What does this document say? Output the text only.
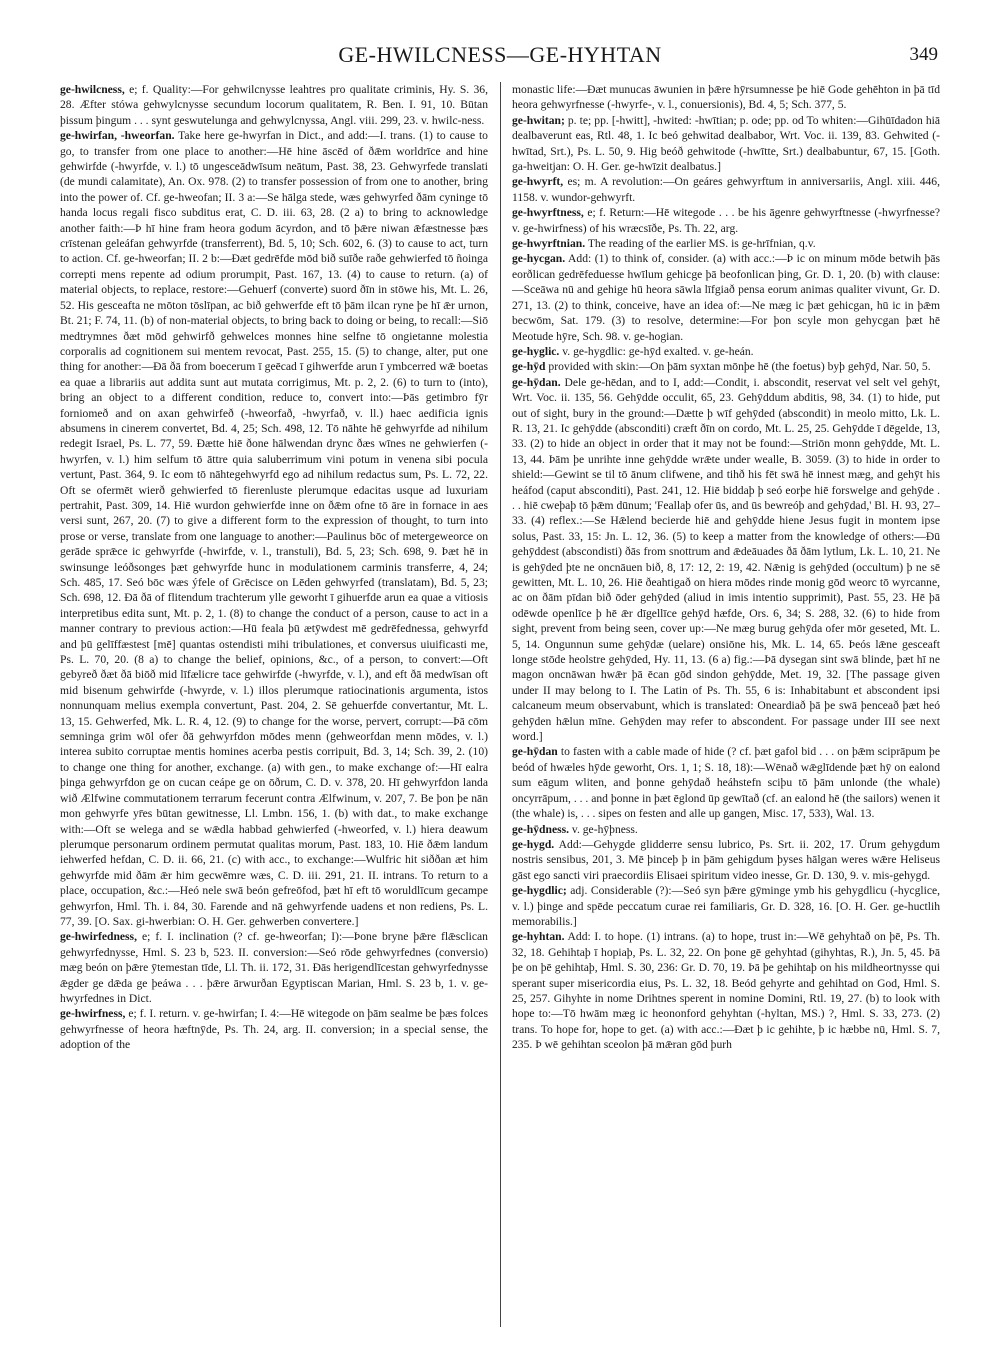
GE-HWILCNESS—GE-HYHTAN	349

ge-hwilcness, e; f. Quality:—For gehwilcnysse leahtres pro qualitate criminis, Hy. S. 36, 28. Æfter stówa gehwylcnysse secundum locorum qualitatem, R. Ben. I. 91, 10. Būtan þissum þingum . . . synt geswutelunga and gehwylcnyssa, Angl. viii. 299, 23. v. hwilc-ness.

ge-hwirfan, -hweorfan. Take here ge-hwyrfan in Dict., and add:—I. trans. (1) to cause to go, to transfer from one place to another:—Hē hine āscēd of ðǣm worldrīce and hine gehwirfde (-hwyrfde, v. l.) tō ungesceādwīsum neātum, Past. 38, 23. Gehwyrfede translati (de mundi calamitate), An. Ox. 978. (2) to transfer possession of from one to another, bring into the power of. Cf. ge-hweofan; II. 3 a:—Se hālga stede, wæs gehwyrfed ðām cyninge tō handa locus regali fisco subditus erat, C. D. iii. 63, 28. (2 a) to bring to acknowledge another faith:—Þ hī hine fram heora godum ācyrdon, and tō þǣre niwan ǣfæstnesse þæs crīstenan geleáfan gehwyrfde (transferrent), Bd. 5, 10; Sch. 602, 6. (3) to cause to act, turn to action. Cf. ge-hweorfan; II. 2 b:—Ðæt gedrēfde mōd bið suīðe raðe gehwierfed tō ñoinga correpti mens repente ad odium prorumpit, Past. 167, 13. (4) to cause to return. (a) of material objects, to replace, restore:—Gehuerf (converte) suord ðīn in stōwe his, Mt. L. 26, 52. His gesceafta ne mōton tōslīpan, ac bið gehwerfde eft tō þām ilcan ryne þe hī ǣr urnon, Bt. 21; F. 74, 11. (b) of non-material objects, to bring back to doing or being, to recall:—Siō medtrymnes ðæt mōd gehwirfð gehwelces monnes hine selfne tō ongietanne molestia corporalis ad cognitionem sui mentem revocat, Past. 255, 15. (5) to change, alter, put one thing for another:—Ðā ðā from boecerum ī geēcad ī gihwerfde arun ī ymbcerred wǣ boetas ea quae a librariis aut addita sunt aut mutata corrigimus, Mt. p. 2, 2. (6) to turn to (into), bring an object to a different condition, reduce to, convert into:—Þās getimbro fȳr forniomeð and on axan gehwirfeð (-hweorfað, -hwyrfað, v. ll.) haec aedificia ignis absumens in cinerem convertet, Bd. 4, 25; Sch. 498, 12. Tō nāhte hē gehwyrfde ad nihilum redegit Israel, Ps. L. 77, 59. Ðætte hiē ðone hālwendan drync ðæs wīnes ne gehwierfen (-hwyrfen, v. l.) him selfum tō āttre quia saluberrimum vini potum in venena sibi pocula vertunt, Past. 364, 9. Ic eom tō nāhtegehwyrfd ego ad nihilum redactus sum, Ps. L. 72, 22. Oft se ofermēt wierð gehwierfed tō fierenluste plerumque edacitas usque ad luxuriam pertrahit, Past. 309, 14. Hiē wurdon gehwierfde inne on ðǣm ofne tō āre in fornace in aes versi sunt, 267, 20. (7) to give a different form to the expression of thought, to turn into prose or verse, translate from one language to another:—Paulinus bōc of metergeweorce on gerāde sprǣce ic gehwyrfde (-hwirfde, v. l., transtuli), Bd. 5, 23; Sch. 698, 9. Þæt hē in swinsunge leóðsonges þæt gehwyrfde hunc in modulationem carminis transferre, 4, 24; Sch. 485, 17. Seó bōc wæs ýfele of Grēcisce on Lēden gehwyrfed (translatam), Bd. 5, 23; Sch. 698, 12. Ðā ðā of flitendum trachterum ylle geworht ī gihuerfde arun ea quae a vitiosis interpretibus edita sunt, Mt. p. 2, 1. (8) to change the conduct of a person, cause to act in a manner contrary to previous action:—Hū feala þū ætȳwdest mē gedrēfednessa, gehwyrfd and þū gelīffæstest [mē] quantas ostendisti mihi tribulationes, et conversus uiuificasti me, Ps. L. 70, 20. (8 a) to change the belief, opinions, &c., of a person, to convert:—Oft gebyreð ðæt ðā biōð mid līfælicre tace gehwirfde (-hwyrfde, v. l.), and eft ðā medwīsan oft mid bisenum gehwirfde (-hwyrde, v. l.) illos plerumque ratiocinationis argumenta, istos nonnunquam melius exempla convertunt, Past. 204, 2. Sē gehuerfde convertantur, Mt. L. 13, 15. Gehwerfed, Mk. L. R. 4, 12. (9) to change for the worse, pervert, corrupt:—Þā cōm semninga grim wōl ofer ðā gehwyrfdon mōdes menn (gehweorfdan menn mōdes, v. l.) interea subito corruptae mentis homines acerba pestis corripuit, Bd. 3, 14; Sch. 39, 2. (10) to change one thing for another, exchange. (a) with gen., to make exchange of:—Hī ealra þinga gehwyrfdon ge on cucan ceápe ge on ōðrum, C. D. v. 378, 20. Hī gehwyrfdon landa wið Ælfwine commutationem terrarum fecerunt contra Ælfwinum, v. 207, 7. Be þon þe nān mon gehwyrfe yr̄es būtan gewitnesse, Ll. Lmbn. 156, 1. (b) with dat., to make exchange with:—Oft se welega and se wǣdla habbad gehwierfed (-hweorfed, v. l.) hiera deawum plerumque personarum ordinem permutat qualitas morum, Past. 183, 10. Hiē ðǣm landum iehwerfed hefdan, C. D. ii. 66, 21. (c) with acc., to exchange:—Wulfric hit siððan æt him gehwyrfde mid ðām ǣr him gecwēmre wæs, C. D. iii. 291, 21. II. intrans. To return to a place, occupation, &c.:—Heó nele swā beón gefreōfod, þæt hī eft tō woruldlīcum gecampe gehwyrfon, Hml. Th. i. 84, 30. Farende and nā gehwyrfende uadens et non rediens, Ps. L. 77, 39. [O. Sax. gi-hwerbian: O. H. Ger. gehwerben convertere.]

ge-hwirfedness, e; f. I. inclination (? cf. ge-hweorfan; I):—Þone bryne þǣre flǣsclican gehwyrfednysse, Hml. S. 23 b, 523. II. conversion:—Seó rōde gehwyrfednes (conversio) mæg beón on þǣre ȳtemestan tīde, Ll. Th. ii. 172, 31. Ðās herigendlīcestan gehwyrfednysse ǣgder ge dǣda ge þeáwa . . . þǣre ārwurðan Egyptiscan Marian, Hml. S. 23 b, 1. v. ge-hwyrfednes in Dict.

ge-hwirfness, e; f. I. return. v. ge-hwirfan; I. 4:—Hē witegode on þām sealme be þæs folces gehwyrfnesse of heora hæftnȳde, Ps. Th. 24, arg. II. conversion; in a special sense, the adoption of the

monastic life:—Ðæt munucas āwunien in þǣre hȳrsumnesse þe hiē Gode gehēhton in þā tīd heora gehwyrfnesse (-hwyrfe-, v. l., conuersionis), Bd. 4, 5; Sch. 377, 5.

ge-hwitan; p. te; pp. [-hwitt], -hwited: -hwītian; p. ode; pp. od To whiten:—Gihūīdadon hiā dealbaverunt eas, Rtl. 48, 1. Ic beó gehwitad dealbabor, Wrt. Voc. ii. 139, 83. Gehwited (-hwītad, Srt.), Ps. L. 50, 9. Hig beóð gehwitode (-hwītte, Srt.) dealbabuntur, 67, 15. [Goth. ga-hweitjan: O. H. Ger. ge-hwīzit dealbatus.]

ge-hwyrft, es; m. A revolution:—On geáres gehwyrftum in anniversariis, Angl. xiii. 446, 1158. v. wundor-gehwyrft.

ge-hwyrftness, e; f. Return:—Hē witegode . . . be his āgenre gehwyrftnesse (-hwyrfnesse? v. ge-hwirfness) of his wræcsīðe, Ps. Th. 22, arg.

ge-hwyrftnian. The reading of the earlier MS. is ge-hrīfnian, q.v.

ge-hycgan. Add: (1) to think of, consider. (a) with acc.:—Þ ic on minum mōde betwih þās eorðlican gedrēfeduesse hwīlum gehicge þā beofonlican þing, Gr. D. 1, 20. (b) with clause:—Sceāwa nū and gehige hū heora sāwla līfgiað pensa eorum animas qualiter vivunt, Gr. D. 271, 13. (2) to think, conceive, have an idea of:—Ne mæg ic þæt gehicgan, hū ic in þǣm becwōm, Sat. 179. (3) to resolve, determine:—For þon scyle mon gehycgan þæt hē Meotude hȳre, Sch. 98. v. ge-hogian.

ge-hyglic. v. ge-hygdlic: ge-hȳd exalted. v. ge-heán.

ge-hȳd provided with skin:—On þām syxtan mōnþe hē (the foetus) byþ gehȳd, Nar. 50, 5.

ge-hȳdan. Dele ge-hēdan, and to I, add:—Condit, i. abscondit, reservat vel selt vel gehȳt, Wrt. Voc. ii. 135, 56. Gehȳdde occulit, 65, 23. Gehȳddum abditis, 98, 34. (1) to hide, put out of sight, bury in the ground:—Dætte þ wīf gehȳded (abscondit) in meolo mitto, Lk. L. R. 13, 21. Ic gehȳdde (absconditi) cræft ðīn on cordo, Mt. L. 25, 25. Gehȳdde ī dēgelde, 13, 33. (2) to hide an object in order that it may not be found:—Striōn monn gehȳdde, Mt. L. 13, 44. Þām þe unrihte inne gehȳdde wrǣte under wealle, B. 3059. (3) to hide in order to shield:—Gewint se til tō ānum clifwene, and tihð his fēt swā hē innest mæg, and gehȳt his heáfod (caput absconditi), Past. 241, 12. Hiē biddaþ þ seó eorþe hiē forswelge and gehȳde . . . hiē cweþaþ tō þǣm dūnum; 'Feallaþ ofer ūs, and ūs bewreóþ and gehȳdad,' Bl. H. 93, 27–33. (4) reflex.:—Se Hǣlend becierde hiē and gehȳdde hiene Jesus fugit in montem ipse solus, Past. 33, 15: Jn. L. 12, 36. (5) to keep a matter from the knowledge of others:—Ðū gehȳddest (abscondisti) ðās from snottrum and ǣdeāuades ðā ðām lytlum, Lk. L. 10, 21. Ne is gehȳded þte ne oncnāuen bið, 8, 17: 12, 2: 19, 42. Nǣnig is gehȳded (occultum) þ ne sē gewitten, Mt. L. 10, 26. Hiē ðeahtigað on hiera mōdes rinde monig gōd weorc tō wyrcanne, ac on ðām pīdan bið ōder gehȳded (aliud in imis intentio supprimit), Past. 55, 23. Hē þā odēwde openlīce þ hē ǣr dīgellīce gehȳd hæfde, Ors. 6, 34; S. 288, 32. (6) to hide from sight, prevent from being seen, cover up:—Ne mæg burug gehȳda ofer mōr geseted, Mt. L. 5, 14. Ongunnun sume gehȳdæ (uelare) onsiōne his, Mk. L. 14, 65. Þeós lǣne gesceaft longe stōde heolstre gehȳded, Hy. 11, 13. (6 a) fig.:—Þā dysegan sint swā blinde, þæt hī ne magon oncnāwan hwǣr þā ēcan gōd sindon gehȳdde, Met. 19, 32. [The passage given under II may belong to I. The Latin of Ps. Th. 55, 6 is: Inhabitabunt et abscondent ipsi calcaneum meum observabunt, which is translated: Oneardiað þā þe swā þenceað þæt heó gehȳden hǣlun mīne. Gehȳden may refer to abscondent. For passage under III see next word.]

ge-hȳdan to fasten with a cable made of hide (? cf. þæt gafol bid . . . on þǣm sciprāpum þe beód of hwæles hȳde geworht, Ors. 1, 1; S. 18, 18):—Wēnað wǣglīdende þæt hȳ on ealond sum eāgum wliten, and þonne gehȳdað heáhstefn sciþu tō þām unlonde (the whale) oncyrrāpum, . . . and þonne in þæt ēglond ūp gewītað (cf. an ealond hē (the sailors) wenen it (the whale) is, . . . sipes on festen and alle up gangen, Misc. 17, 533), Wal. 13.

ge-hȳdness. v. ge-hȳþness.

ge-hygd. Add:—Gehygde glidderre sensu lubrico, Ps. Srt. ii. 202, 17. Ūrum gehygdum nostris sensibus, 201, 3. Mē þinceþ þ in þām gehigdum þyses hālgan weres wǣre Heliseus gāst ego sancti viri praecordiis Elisaei spiritum video inesse, Gr. D. 130, 9. v. mis-gehygd.

ge-hygdlic; adj. Considerable (?):—Seó syn þǣre gȳminge ymb his gehygdlicu (-hycglice, v. l.) þinge and spēde peccatum curae rei familiaris, Gr. D. 328, 16. [O. H. Ger. ge-huctlih memorabilis.]

ge-hyhtan. Add: I. to hope. (1) intrans. (a) to hope, trust in:—Wē gehyhtað on þē, Ps. Th. 32, 18. Gehihtaþ ī hopiaþ, Ps. L. 32, 22. On þone gē gehyhtad (gihyhtas, R.), Jn. 5, 45. Þā þe on þē gehihtaþ, Hml. S. 30, 236: Gr. D. 70, 19. Þā þe gehihtaþ on his mildheortnysse qui sperant super misericordia eius, Ps. L. 32, 18. Beód gehyrte and gehihtad on God, Hml. S. 25, 257. Gihyhte in nome Drihtnes sperent in nomine Domini, Rtl. 19, 27. (b) to look with hope to:—Tō hwām mæg ic heononford gehyhtan (-hyltan, MS.) ?, Hml. S. 33, 273. (2) trans. To hope for, hope to get. (a) with acc.:—Ðæt þ ic gehihte, þ ic hæbbe nū, Hml. S. 7, 235. Þ wē gehihtan sceolon þā mǣran gōd þurh
